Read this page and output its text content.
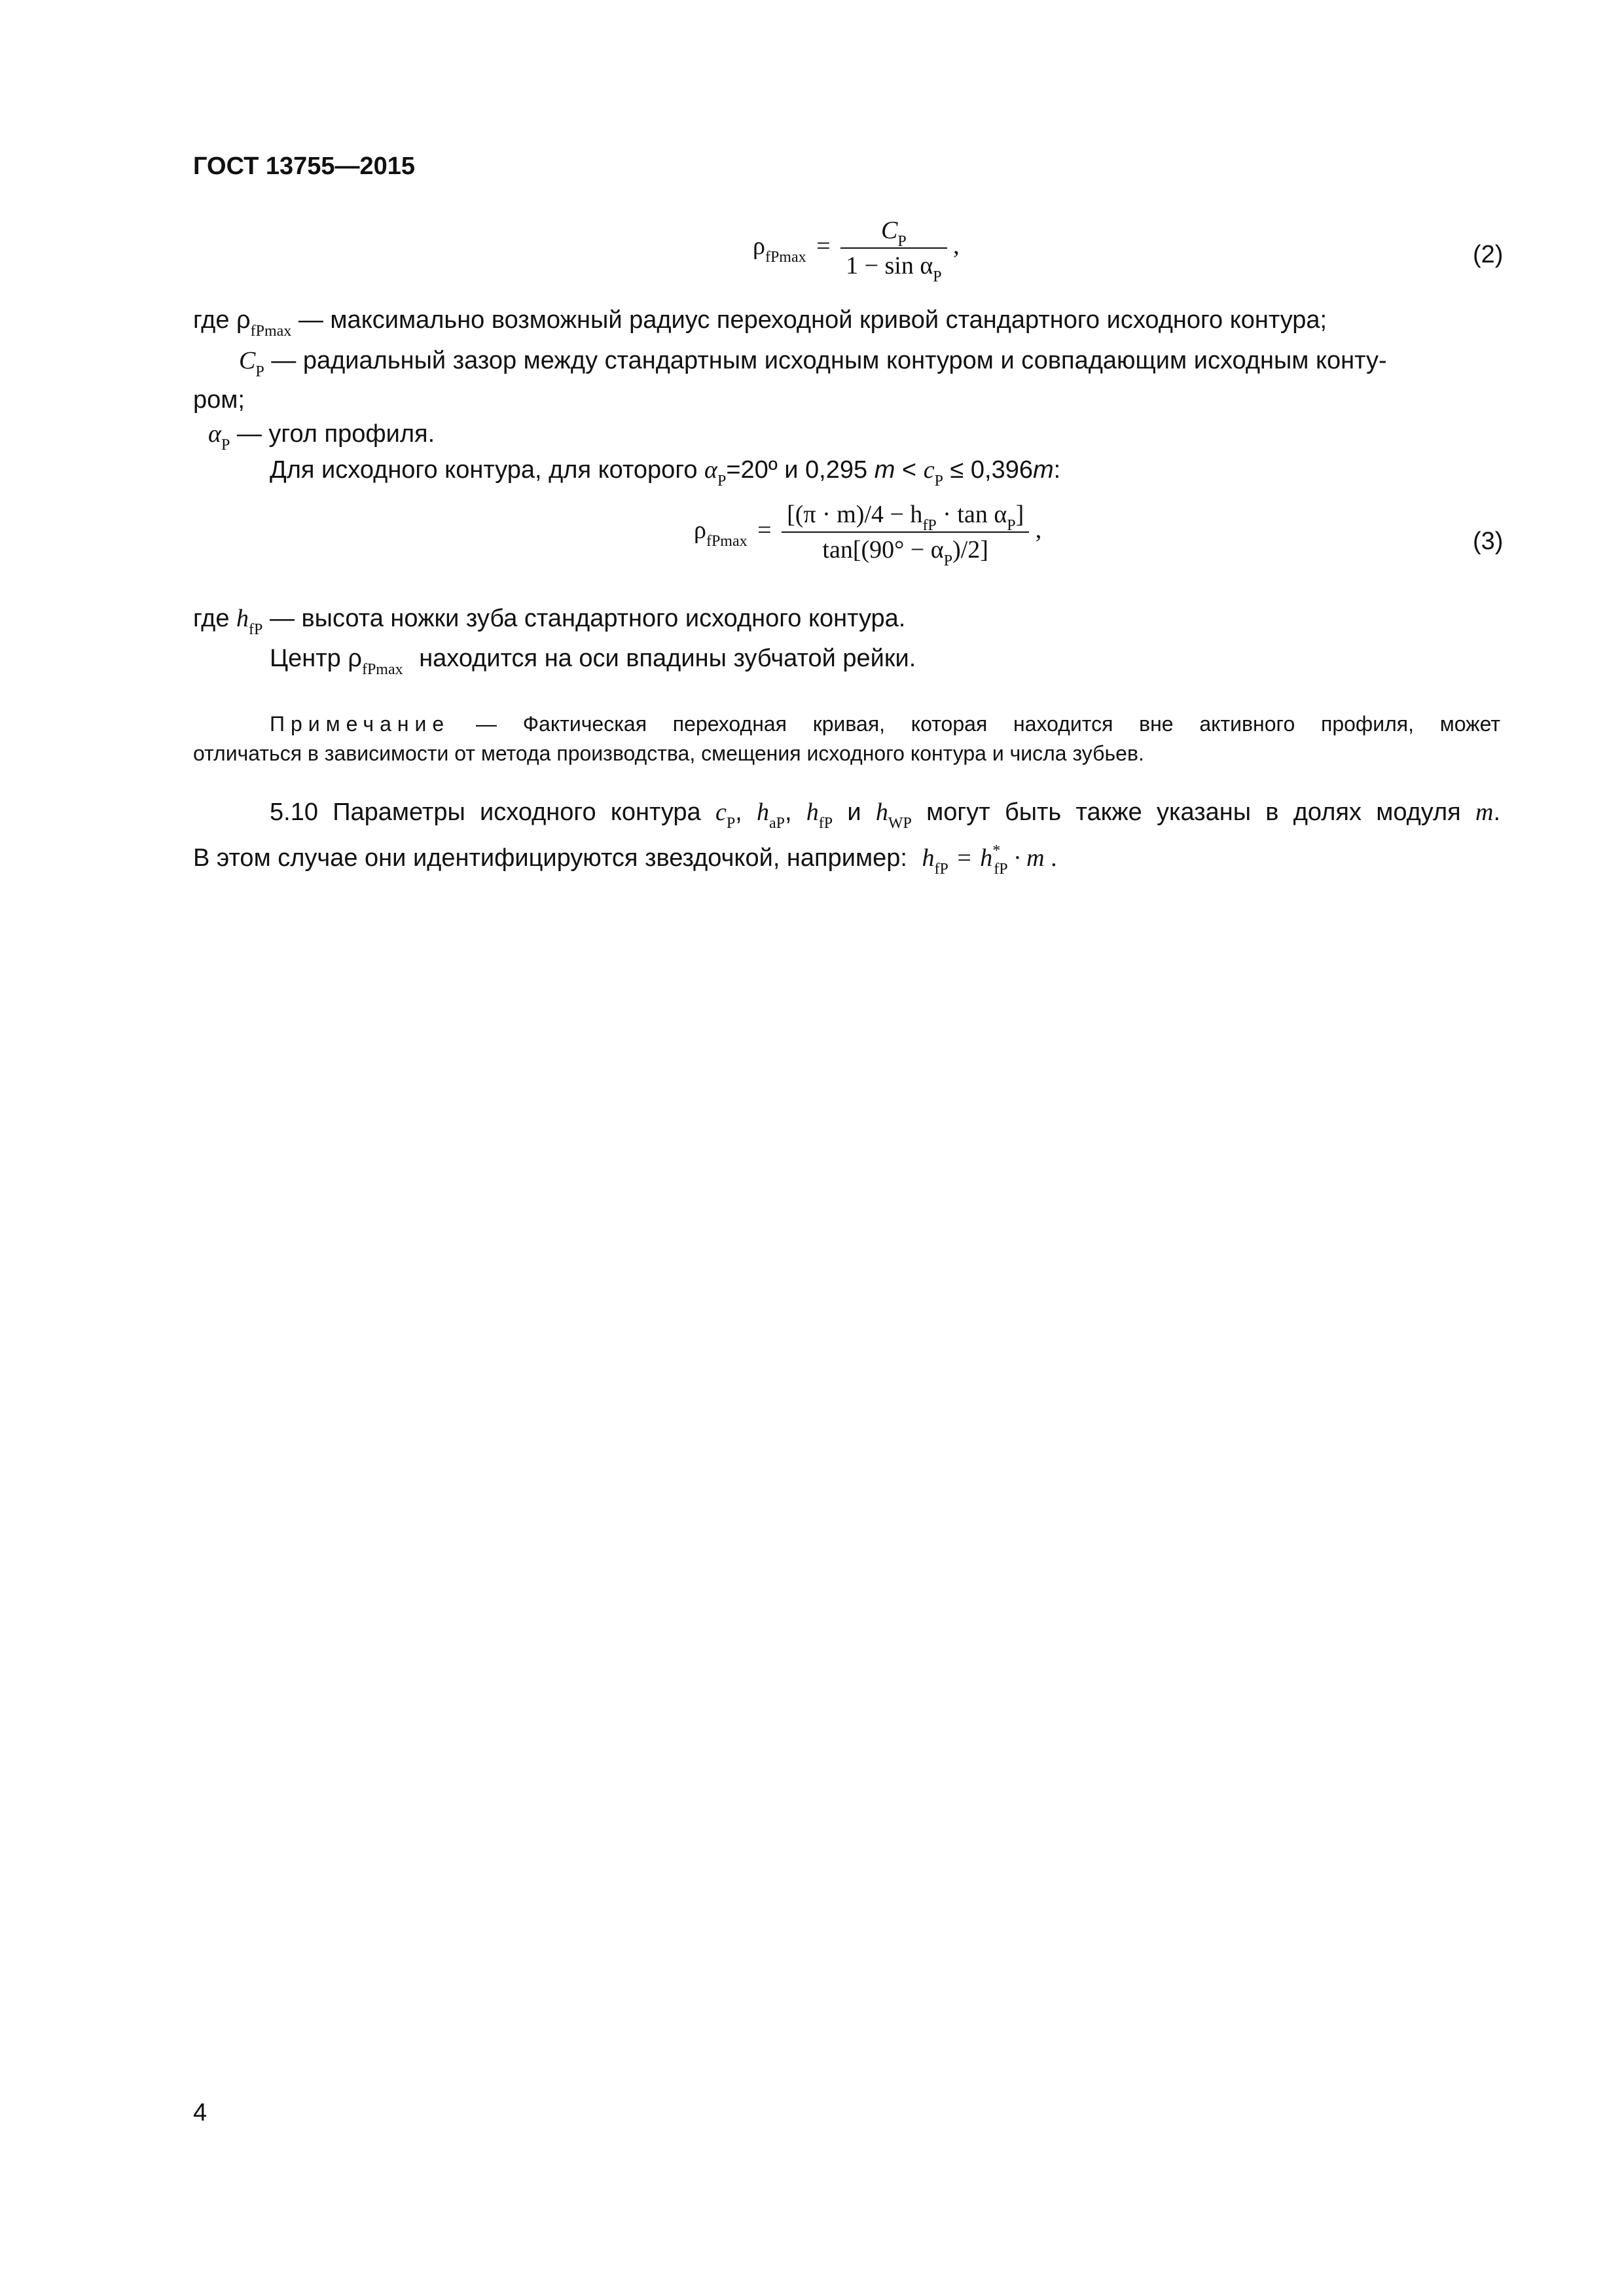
ГОСТ 13755—2015
$\rho_{fPmax} = \frac{C_P}{1 - \sin \alpha_P}$ ,	(2)
где $\rho_{fPmax}$ — максимально возможный радиус переходной кривой стандартного исходного контура;
$C_P$ — радиальный зазор между стандартным исходным контуром и совпадающим исходным конту-
ром;
$\alpha_P$ — угол профиля.
Для исходного контура, для которого $\alpha_P=20º$ и 0,295 $m < c_P \le 0,396m$:
$\rho_{fPmax} = \frac{[(\pi \cdot m)/4 - h_{fP} \cdot \tan \alpha_P]}{\tan[(90^\circ - \alpha_P)/2]}$ ,	(3)
где $h_{fP}$ — высота ножки зуба стандартного исходного контура.
Центр $\rho_{fPmax}$ находится на оси впадины зубчатой рейки.
Примечание — Фактическая переходная кривая, которая находится вне активного профиля, может
отличаться в зависимости от метода производства, смещения исходного контура и числа зубьев.
5.10 Параметры исходного контура $c_P$, $h_{aP}$, $h_{fP}$ и $h_{WP}$ могут быть также указаны в долях модуля m.
В этом случае они идентифицируются звездочкой, например: $h_{fP} = h^*_{fP} \cdot m$ .
4
